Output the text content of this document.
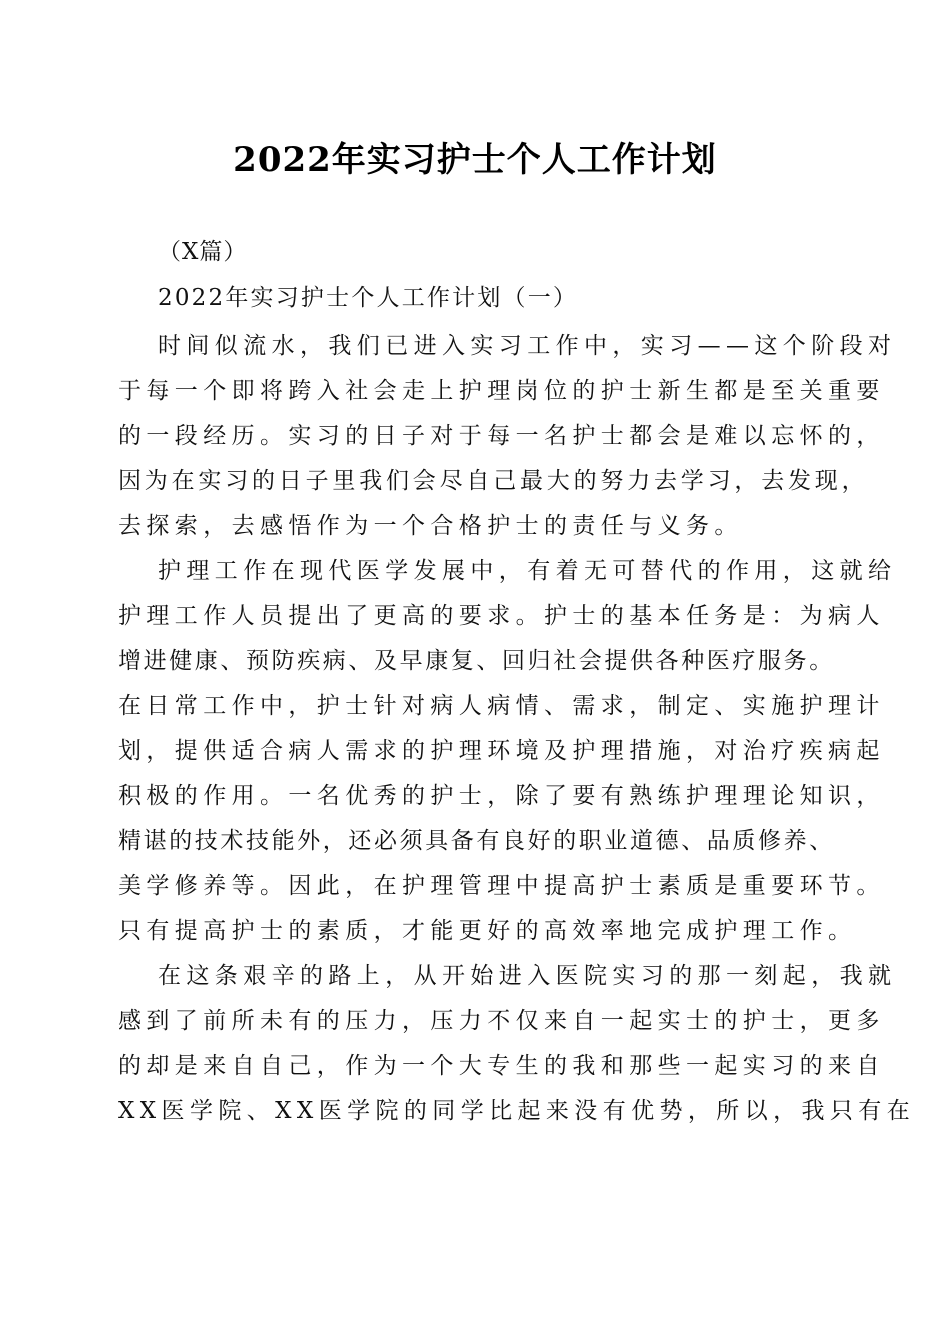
2022年实习护士个人工作计划

（X篇）

2022年实习护士个人工作计划（一）

时间似流水，我们已进入实习工作中，实习——这个阶段对
于每一个即将跨入社会走上护理岗位的护士新生都是至关重要
的一段经历。实习的日子对于每一名护士都会是难以忘怀的，
因为在实习的日子里我们会尽自己最大的努力去学习，去发现，
去探索，去感悟作为一个合格护士的责任与义务。
护理工作在现代医学发展中，有着无可替代的作用，这就给
护理工作人员提出了更高的要求。护士的基本任务是：为病人
增进健康、预防疾病、及早康复、回归社会提供各种医疗服务。
在日常工作中，护士针对病人病情、需求，制定、实施护理计
划，提供适合病人需求的护理环境及护理措施，对治疗疾病起
积极的作用。一名优秀的护士，除了要有熟练护理理论知识，
精谌的技术技能外，还必须具备有良好的职业道德、品质修养、
美学修养等。因此，在护理管理中提高护士素质是重要环节。
只有提高护士的素质，才能更好的高效率地完成护理工作。
在这条艰辛的路上，从开始进入医院实习的那一刻起，我就
感到了前所未有的压力，压力不仅来自一起实士的护士，更多
的却是来自自己，作为一个大专生的我和那些一起实习的来自
XX医学院、XX医学院的同学比起来没有优势，所以，我只有在
